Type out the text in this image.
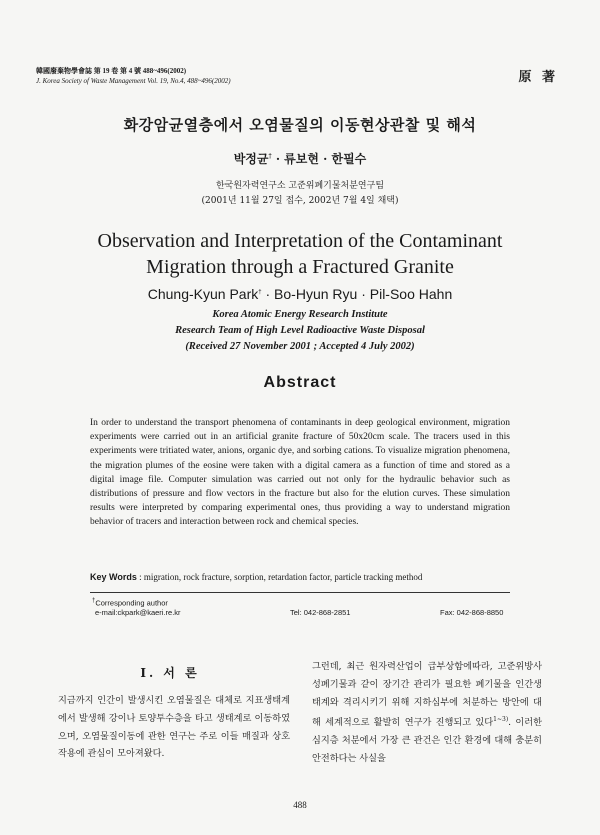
韓國廢棄物學會誌 第 19 卷 第 4 號 488~496(2002)
J. Korea Society of Waste Management Vol. 19, No.4, 488~496(2002)	原 著
화강암균열층에서 오염물질의 이동현상관찰 및 해석
박정균† · 류보현 · 한필수
한국원자력연구소 고준위폐기물처분연구팀
(2001년 11월 27일 접수, 2002년 7월 4일 채택)
Observation and Interpretation of the Contaminant
Migration through a Fractured Granite
Chung-Kyun Park† · Bo-Hyun Ryu · Pil-Soo Hahn
Korea Atomic Energy Research Institute
Research Team of High Level Radioactive Waste Disposal
(Received 27 November 2001 ; Accepted 4 July 2002)
Abstract
In order to understand the transport phenomena of contaminants in deep geological environment, migration experiments were carried out in an artificial granite fracture of 50x20cm scale. The tracers used in this experiments were tritiated water, anions, organic dye, and sorbing cations. To visualize migration phenomena, the migration plumes of the eosine were taken with a digital camera as a function of time and stored as a digital image file. Computer simulation was carried out not only for the hydraulic behavior such as distributions of pressure and flow vectors in the fracture but also for the elution curves. These simulation results were interpreted by comparing experimental ones, thus providing a way to understand migration behavior of tracers and interaction between rock and chemical species.
Key Words : migration, rock fracture, sorption, retardation factor, particle tracking method
†Corresponding author
e-mail:ckpark@kaeri.re.kr	Tel: 042-868-2851	Fax: 042-868-8850
Ⅰ. 서 론
지금까지 인간이 발생시킨 오염물질은 대체로 지표생태계에서 발생해 강이나 토양투수층을 타고 생태계로 이동하였으며, 오염물질이동에 관한 연구는 주로 이들 매질과 상호작용에 관심이 모아져왔다.
그런데, 최근 원자력산업이 급부상함에따라, 고준위방사성폐기물과 같이 장기간 관리가 필요한 폐기물을 인간생태계와 격리시키기 위해 지하심부에 처분하는 방안에 대해 세계적으로 활발히 연구가 진행되고 있다$^{1\sim 3)}$. 이러한 심지층 처분에서 가장 큰 관건은 인간 환경에 대해 충분히 안전하다는 사실을
488
